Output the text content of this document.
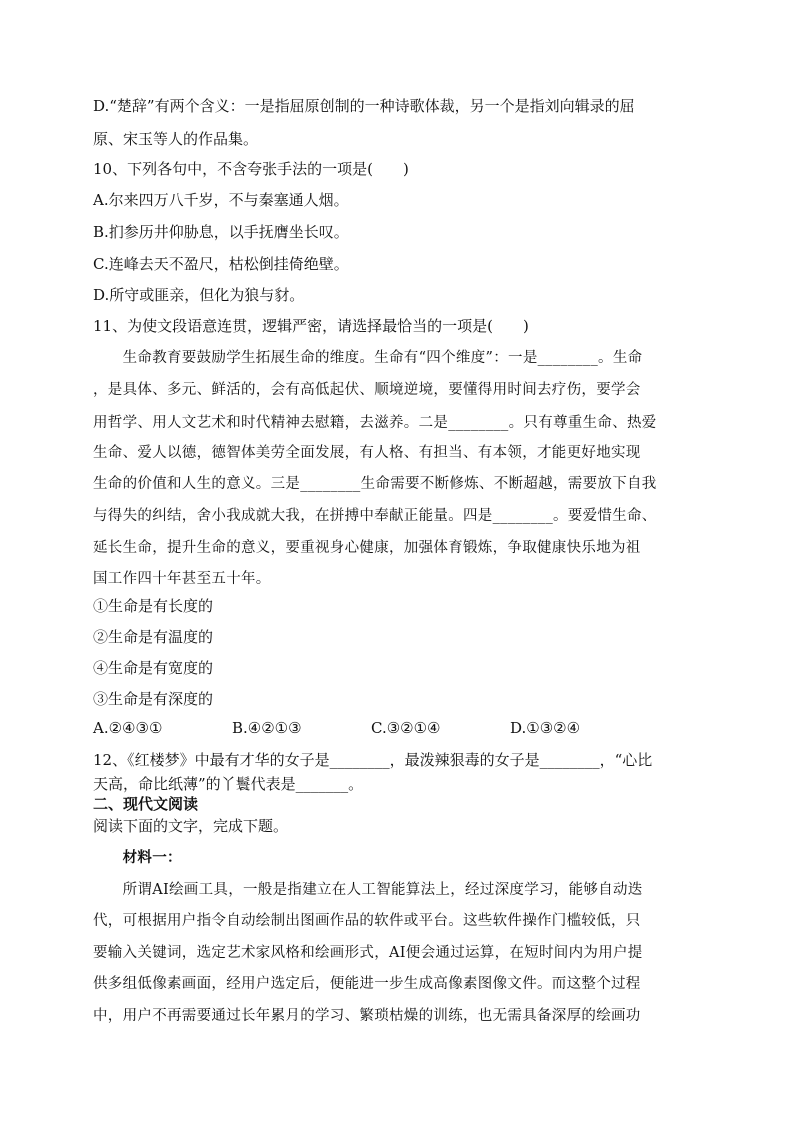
D.“楚辞”有两个含义：一是指屈原创制的一种诗歌体裁，另一个是指刘向辑录的屈
原、宋玉等人的作品集。
10、下列各句中，不含夸张手法的一项是(　　)
A.尔来四万八千岁，不与秦塞通人烟。
B.扪参历井仰胁息，以手抚膺坐长叹。
C.连峰去天不盈尺，枯松倒挂倚绝壁。
D.所守或匪亲，但化为狼与豺。
11、为使文段语意连贯，逻辑严密，请选择最恰当的一项是(　　)
　　生命教育要鼓励学生拓展生命的维度。生命有“四个维度”：一是________。生命
，是具体、多元、鲜活的，会有高低起伏、顺境逆境，要懂得用时间去疗伤，要学会
用哲学、用人文艺术和时代精神去慰籍，去滋养。二是________。只有尊重生命、热爱
生命、爱人以德，德智体美劳全面发展，有人格、有担当、有本领，才能更好地实现
生命的价值和人生的意义。三是________生命需要不断修炼、不断超越，需要放下自我
与得失的纠结，舍小我成就大我，在拼搏中奉献正能量。四是________。要爱惜生命、
延长生命，提升生命的意义，要重视身心健康，加强体育锻炼，争取健康快乐地为祖
国工作四十年甚至五十年。
①生命是有长度的
②生命是有温度的
④生命是有宽度的
③生命是有深度的
A.②④③①	B.④②①③	C.③②①④	D.①③②④
12、《红楼梦》中最有才华的女子是________，最泼辣狠毒的女子是________，“心比
天高，命比纸薄”的丫鬟代表是_______。
二、现代文阅读
阅读下面的文字，完成下题。
　　材料一：
　　所谓AI绘画工具，一般是指建立在人工智能算法上，经过深度学习，能够自动迭
代，可根据用户指令自动绘制出图画作品的软件或平台。这些软件操作门槛较低，只
要输入关键词，选定艺术家风格和绘画形式，AI便会通过运算，在短时间内为用户提
供多组低像素画面，经用户选定后，便能进一步生成高像素图像文件。而这整个过程
中，用户不再需要通过长年累月的学习、繁琐枯燥的训练，也无需具备深厚的绘画功
